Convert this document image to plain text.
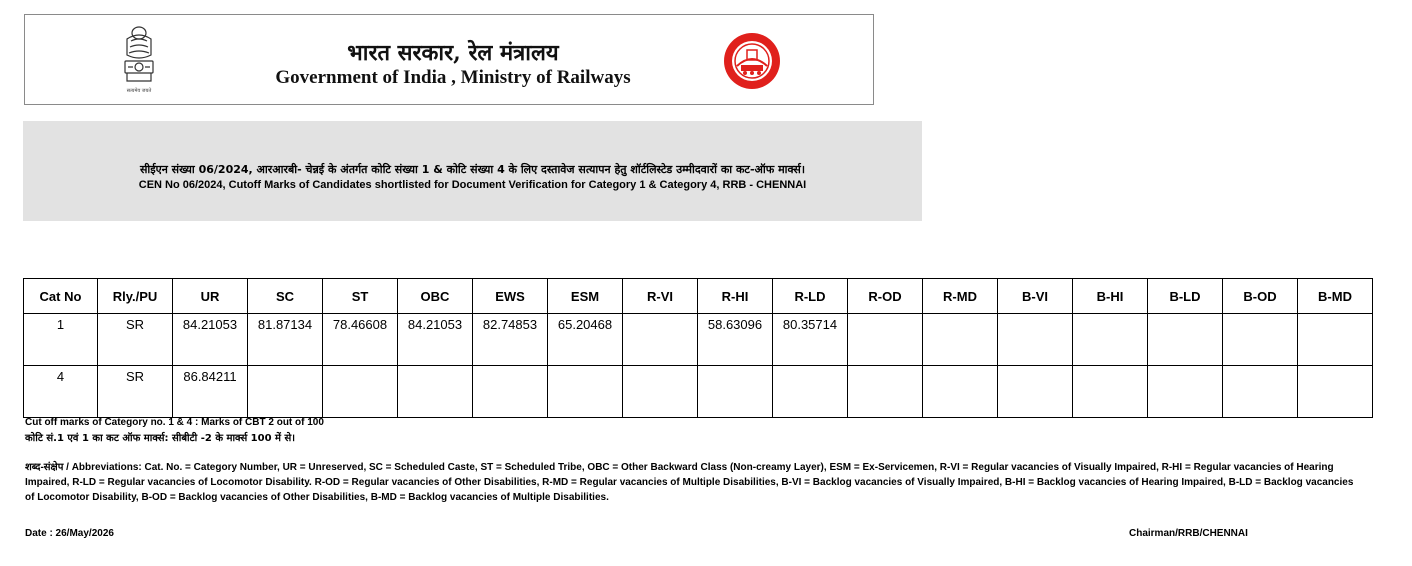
सत्यमेव जयते
भारत सरकार, रेल मंत्रालय
Government of India , Ministry of Railways
सीईएन संख्या 06/2024, आरआरबी- चेन्नई के अंतर्गत कोटि संख्या 1 & कोटि संख्या 4 के लिए दस्तावेज सत्यापन हेतु शॉर्टलिस्टेड उम्मीदवारों का कट-ऑफ मार्क्स।
CEN No 06/2024, Cutoff Marks of Candidates shortlisted for Document Verification for Category 1 & Category 4, RRB - CHENNAI
Cat No	Rly./PU	UR	SC	ST	OBC	EWS	ESM	R-VI	R-HI	R-LD	R-OD	R-MD	B-VI	B-HI	B-LD	B-OD	B-MD
1	SR	84.21053	81.87134	78.46608	84.21053	82.74853	65.20468		58.63096	80.35714							
4	SR	86.84211															
Cut off marks of Category no. 1 & 4 : Marks of CBT 2 out of 100
कोटि सं.1 एवं 1 का कट ऑफ मार्क्स: सीबीटी -2 के मार्क्स 100 में से।
शब्द-संक्षेप / Abbreviations: Cat. No. = Category Number, UR = Unreserved, SC = Scheduled Caste, ST = Scheduled Tribe, OBC = Other Backward Class (Non-creamy Layer), ESM = Ex-Servicemen, R-VI = Regular vacancies of Visually Impaired, R-HI = Regular vacancies of Hearing Impaired, R-LD = Regular vacancies of Locomotor Disability. R-OD = Regular vacancies of Other Disabilities, R-MD = Regular vacancies of Multiple Disabilities, B-VI = Backlog vacancies of Visually Impaired, B-HI = Backlog vacancies of Hearing Impaired, B-LD = Backlog vacancies of Locomotor Disability, B-OD = Backlog vacancies of Other Disabilities, B-MD = Backlog vacancies of Multiple Disabilities.
Date : 26/May/2026	Chairman/RRB/CHENNAI
